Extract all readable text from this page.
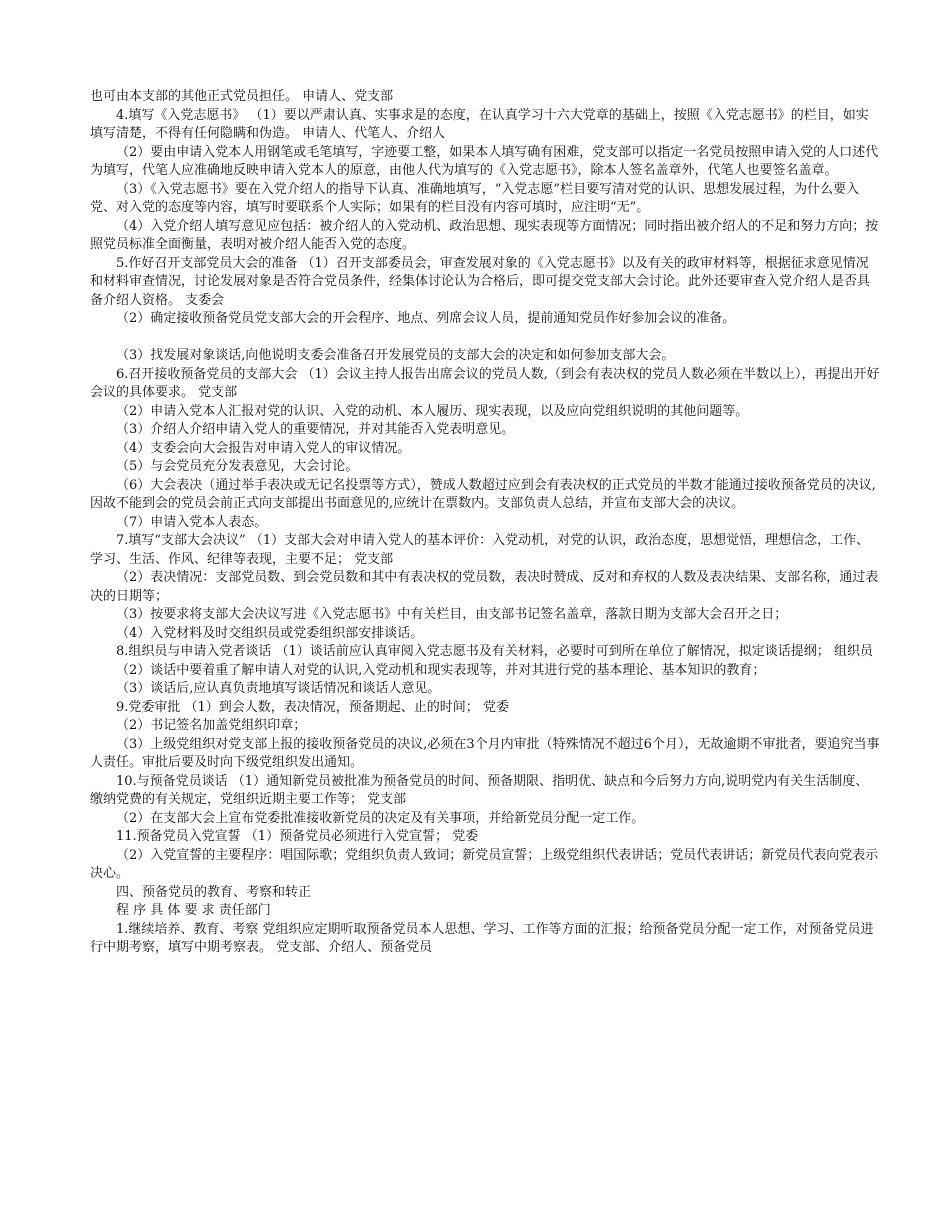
也可由本支部的其他正式党员担任。 申请人、党支部

4.填写《入党志愿书》 （1）要以严肃认真、实事求是的态度，在认真学习十六大党章的基础上，按照《入党志愿书》的栏目，如实填写清楚，不得有任何隐瞒和伪造。 申请人、代笔人、介绍人

（2）要由申请入党本人用钢笔或毛笔填写，字迹要工整，如果本人填写确有困难，党支部可以指定一名党员按照申请入党的人口述代为填写，代笔人应准确地反映申请入党本人的原意，由他人代为填写的《入党志愿书》，除本人签名盖章外，代笔人也要签名盖章。

（3）《入党志愿书》要在入党介绍人的指导下认真、准确地填写，“入党志愿”栏目要写清对党的认识、思想发展过程，为什么要入党、对入党的态度等内容，填写时要联系个人实际；如果有的栏目没有内容可填时，应注明“无”。

（4）入党介绍人填写意见应包括：被介绍人的入党动机、政治思想、现实表现等方面情况；同时指出被介绍人的不足和努力方向；按照党员标准全面衡量，表明对被介绍人能否入党的态度。

5.作好召开支部党员大会的准备 （1）召开支部委员会，审查发展对象的《入党志愿书》以及有关的政审材料等，根据征求意见情况和材料审查情况，讨论发展对象是否符合党员条件，经集体讨论认为合格后，即可提交党支部大会讨论。此外还要审查入党介绍人是否具备介绍人资格。 支委会

（2）确定接收预备党员党支部大会的开会程序、地点、列席会议人员，提前通知党员作好参加会议的准备。

（3）找发展对象谈话,向他说明支委会准备召开发展党员的支部大会的决定和如何参加支部大会。

6.召开接收预备党员的支部大会 （1）会议主持人报告出席会议的党员人数,（到会有表决权的党员人数必须在半数以上），再提出开好会议的具体要求。 党支部

（2）申请入党本人汇报对党的认识、入党的动机、本人履历、现实表现，以及应向党组织说明的其他问题等。

（3）介绍人介绍申请入党人的重要情况，并对其能否入党表明意见。

（4）支委会向大会报告对申请入党人的审议情况。

（5）与会党员充分发表意见，大会讨论。

（6）大会表决（通过举手表决或无记名投票等方式），赞成人数超过应到会有表决权的正式党员的半数才能通过接收预备党员的决议,因故不能到会的党员会前正式向支部提出书面意见的,应统计在票数内。支部负责人总结，并宣布支部大会的决议。

（7）申请入党本人表态。

7.填写“支部大会决议” （1）支部大会对申请入党人的基本评价：入党动机，对党的认识，政治态度，思想觉悟，理想信念，工作、学习、生活、作风、纪律等表现，主要不足； 党支部

（2）表决情况：支部党员数、到会党员数和其中有表决权的党员数，表决时赞成、反对和弃权的人数及表决结果、支部名称，通过表决的日期等；

（3）按要求将支部大会决议写进《入党志愿书》中有关栏目，由支部书记签名盖章，落款日期为支部大会召开之日；

（4）入党材料及时交组织员或党委组织部安排谈话。

8.组织员与申请入党者谈话 （1）谈话前应认真审阅入党志愿书及有关材料，必要时可到所在单位了解情况，拟定谈话提纲； 组织员

（2）谈话中要着重了解申请人对党的认识,入党动机和现实表现等，并对其进行党的基本理论、基本知识的教育；

（3）谈话后,应认真负责地填写谈话情况和谈话人意见。

9.党委审批 （1）到会人数，表决情况，预备期起、止的时间； 党委

（2）书记签名加盖党组织印章；

（3）上级党组织对党支部上报的接收预备党员的决议,必须在3个月内审批（特殊情况不超过6个月），无故逾期不审批者，要追究当事人责任。审批后要及时向下级党组织发出通知。

10.与预备党员谈话 （1）通知新党员被批准为预备党员的时间、预备期限、指明优、缺点和今后努力方向,说明党内有关生活制度、缴纳党费的有关规定，党组织近期主要工作等； 党支部

（2）在支部大会上宣布党委批准接收新党员的决定及有关事项，并给新党员分配一定工作。

11.预备党员入党宣誓 （1）预备党员必须进行入党宣誓； 党委

（2）入党宣誓的主要程序：唱国际歌；党组织负责人致词；新党员宣誓；上级党组织代表讲话；党员代表讲话；新党员代表向党表示决心。

四、预备党员的教育、考察和转正

程 序 具 体 要 求 责任部门

1.继续培养、教育、考察 党组织应定期听取预备党员本人思想、学习、工作等方面的汇报；给预备党员分配一定工作，对预备党员进行中期考察，填写中期考察表。 党支部、介绍人、预备党员
